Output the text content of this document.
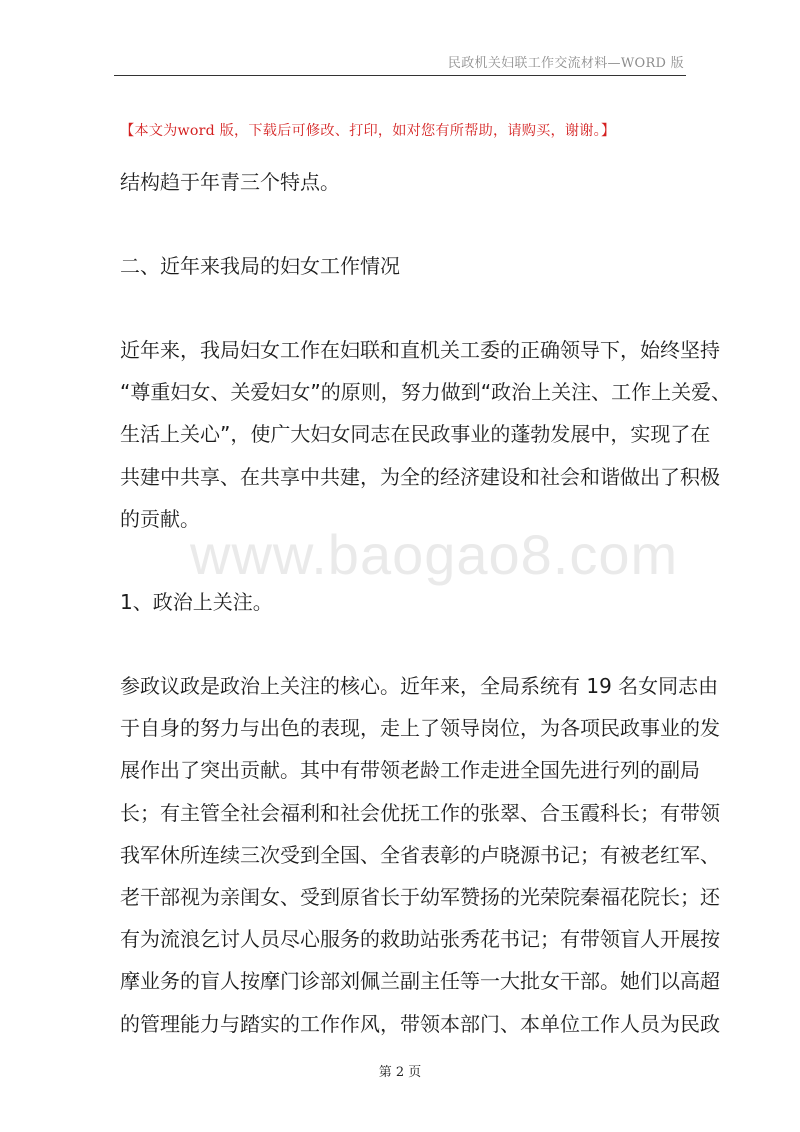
民政机关妇联工作交流材料—WORD 版
【本文为word 版，下载后可修改、打印，如对您有所帮助，请购买，谢谢。】
结构趋于年青三个特点。
二、近年来我局的妇女工作情况
近年来，我局妇女工作在妇联和直机关工委的正确领导下，始终坚持
“尊重妇女、关爱妇女”的原则，努力做到“政治上关注、工作上关爱、
生活上关心”，使广大妇女同志在民政事业的蓬勃发展中，实现了在
共建中共享、在共享中共建，为全的经济建设和社会和谐做出了积极
的贡献。
www.baogao8.com
1、政治上关注。
参政议政是政治上关注的核心。近年来，全局系统有 19 名女同志由
于自身的努力与出色的表现，走上了领导岗位，为各项民政事业的发
展作出了突出贡献。其中有带领老龄工作走进全国先进行列的副局
长；有主管全社会福利和社会优抚工作的张翠、合玉霞科长；有带领
我军休所连续三次受到全国、全省表彰的卢晓源书记；有被老红军、
老干部视为亲闺女、受到原省长于幼军赞扬的光荣院秦福花院长；还
有为流浪乞讨人员尽心服务的救助站张秀花书记；有带领盲人开展按
摩业务的盲人按摩门诊部刘佩兰副主任等一大批女干部。她们以高超
的管理能力与踏实的工作作风，带领本部门、本单位工作人员为民政
第 2 页
